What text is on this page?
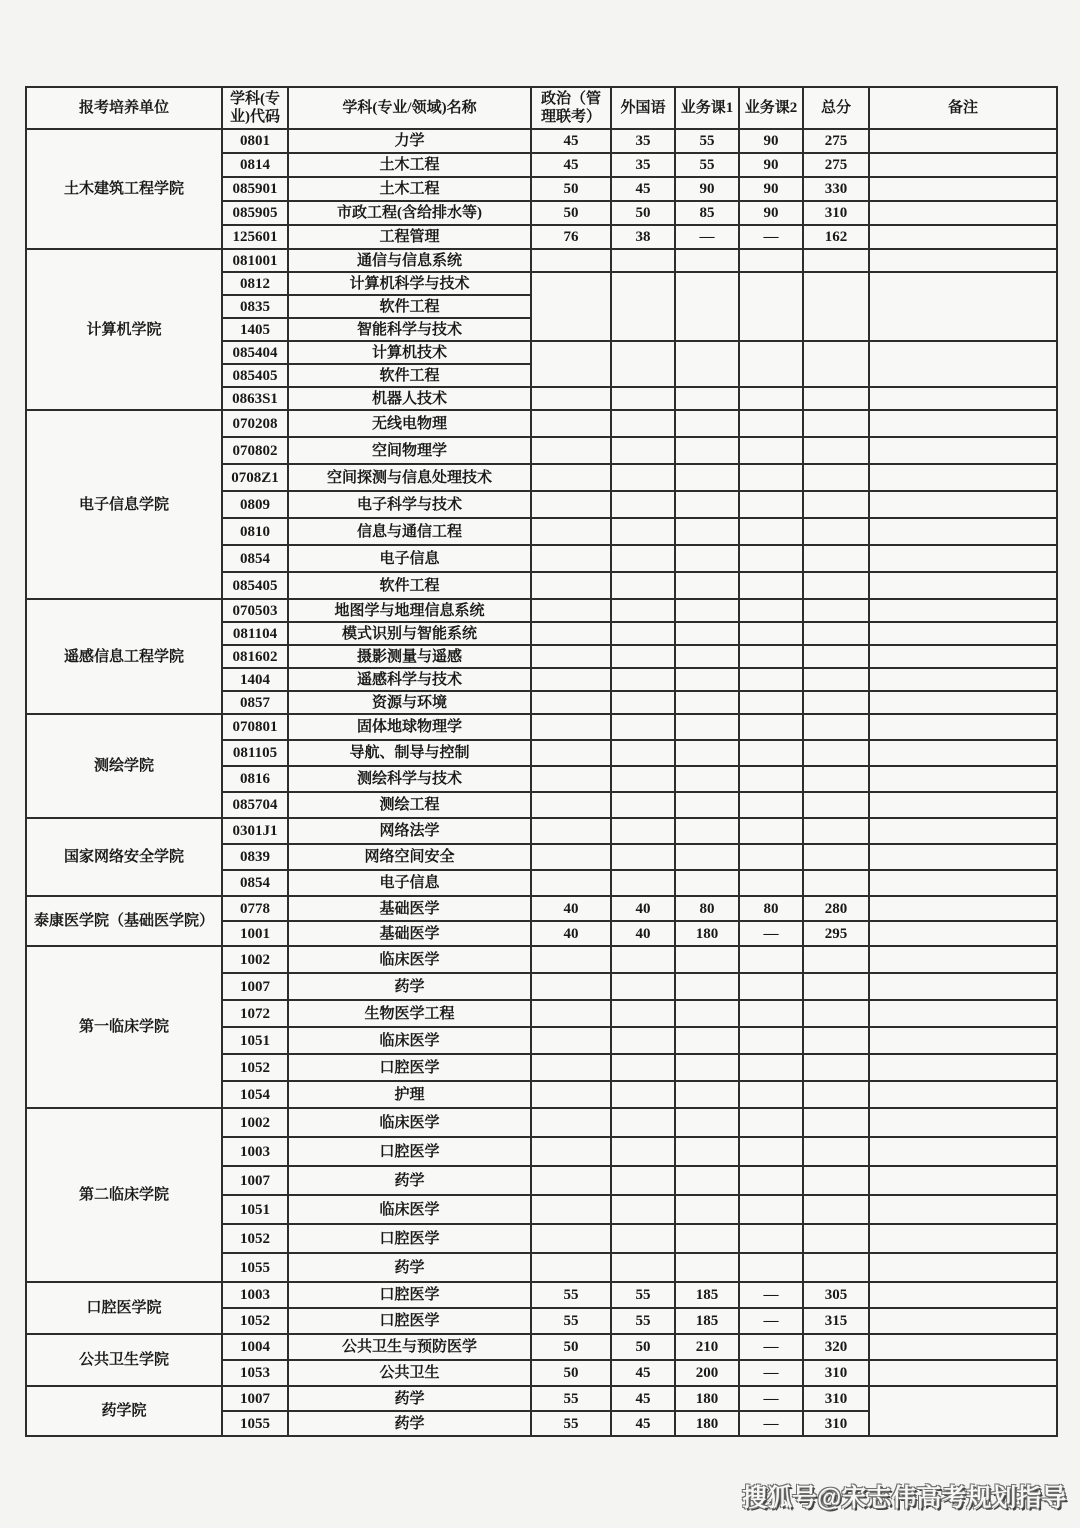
报考培养单位	学科(专业)代码	学科(专业/领域)名称	政治（管理联考）	外国语	业务课1	业务课2	总分	备注
土木建筑工程学院	0801	力学	45	35	55	90	275	
	0814	土木工程	45	35	55	90	275	
	085901	土木工程	50	45	90	90	330	
	085905	市政工程(含给排水等)	50	50	85	90	310	
	125601	工程管理	76	38	—	—	162	
计算机学院	081001	通信与信息系统						
	0812	计算机科学与技术						
	0835	软件工程						
	1405	智能科学与技术						
	085404	计算机技术						
	085405	软件工程						
	0863S1	机器人技术						
电子信息学院	070208	无线电物理						
	070802	空间物理学						
	0708Z1	空间探测与信息处理技术						
	0809	电子科学与技术						
	0810	信息与通信工程						
	0854	电子信息						
	085405	软件工程						
遥感信息工程学院	070503	地图学与地理信息系统						
	081104	模式识别与智能系统						
	081602	摄影测量与遥感						
	1404	遥感科学与技术						
	0857	资源与环境						
测绘学院	070801	固体地球物理学						
	081105	导航、制导与控制						
	0816	测绘科学与技术						
	085704	测绘工程						
国家网络安全学院	0301J1	网络法学						
	0839	网络空间安全						
	0854	电子信息						
泰康医学院（基础医学院）	0778	基础医学	40	40	80	80	280	
	1001	基础医学	40	40	180	—	295	
第一临床学院	1002	临床医学						
	1007	药学						
	1072	生物医学工程						
	1051	临床医学						
	1052	口腔医学						
	1054	护理						
第二临床学院	1002	临床医学						
	1003	口腔医学						
	1007	药学						
	1051	临床医学						
	1052	口腔医学						
	1055	药学						
口腔医学院	1003	口腔医学	55	55	185	—	305	
	1052	口腔医学	55	55	185	—	315	
公共卫生学院	1004	公共卫生与预防医学	50	50	210	—	320	
	1053	公共卫生	50	45	200	—	310	
药学院	1007	药学	55	45	180	—	310	
	1055	药学	55	45	180	—	310	
搜狐号@宋志伟高考规划指导
